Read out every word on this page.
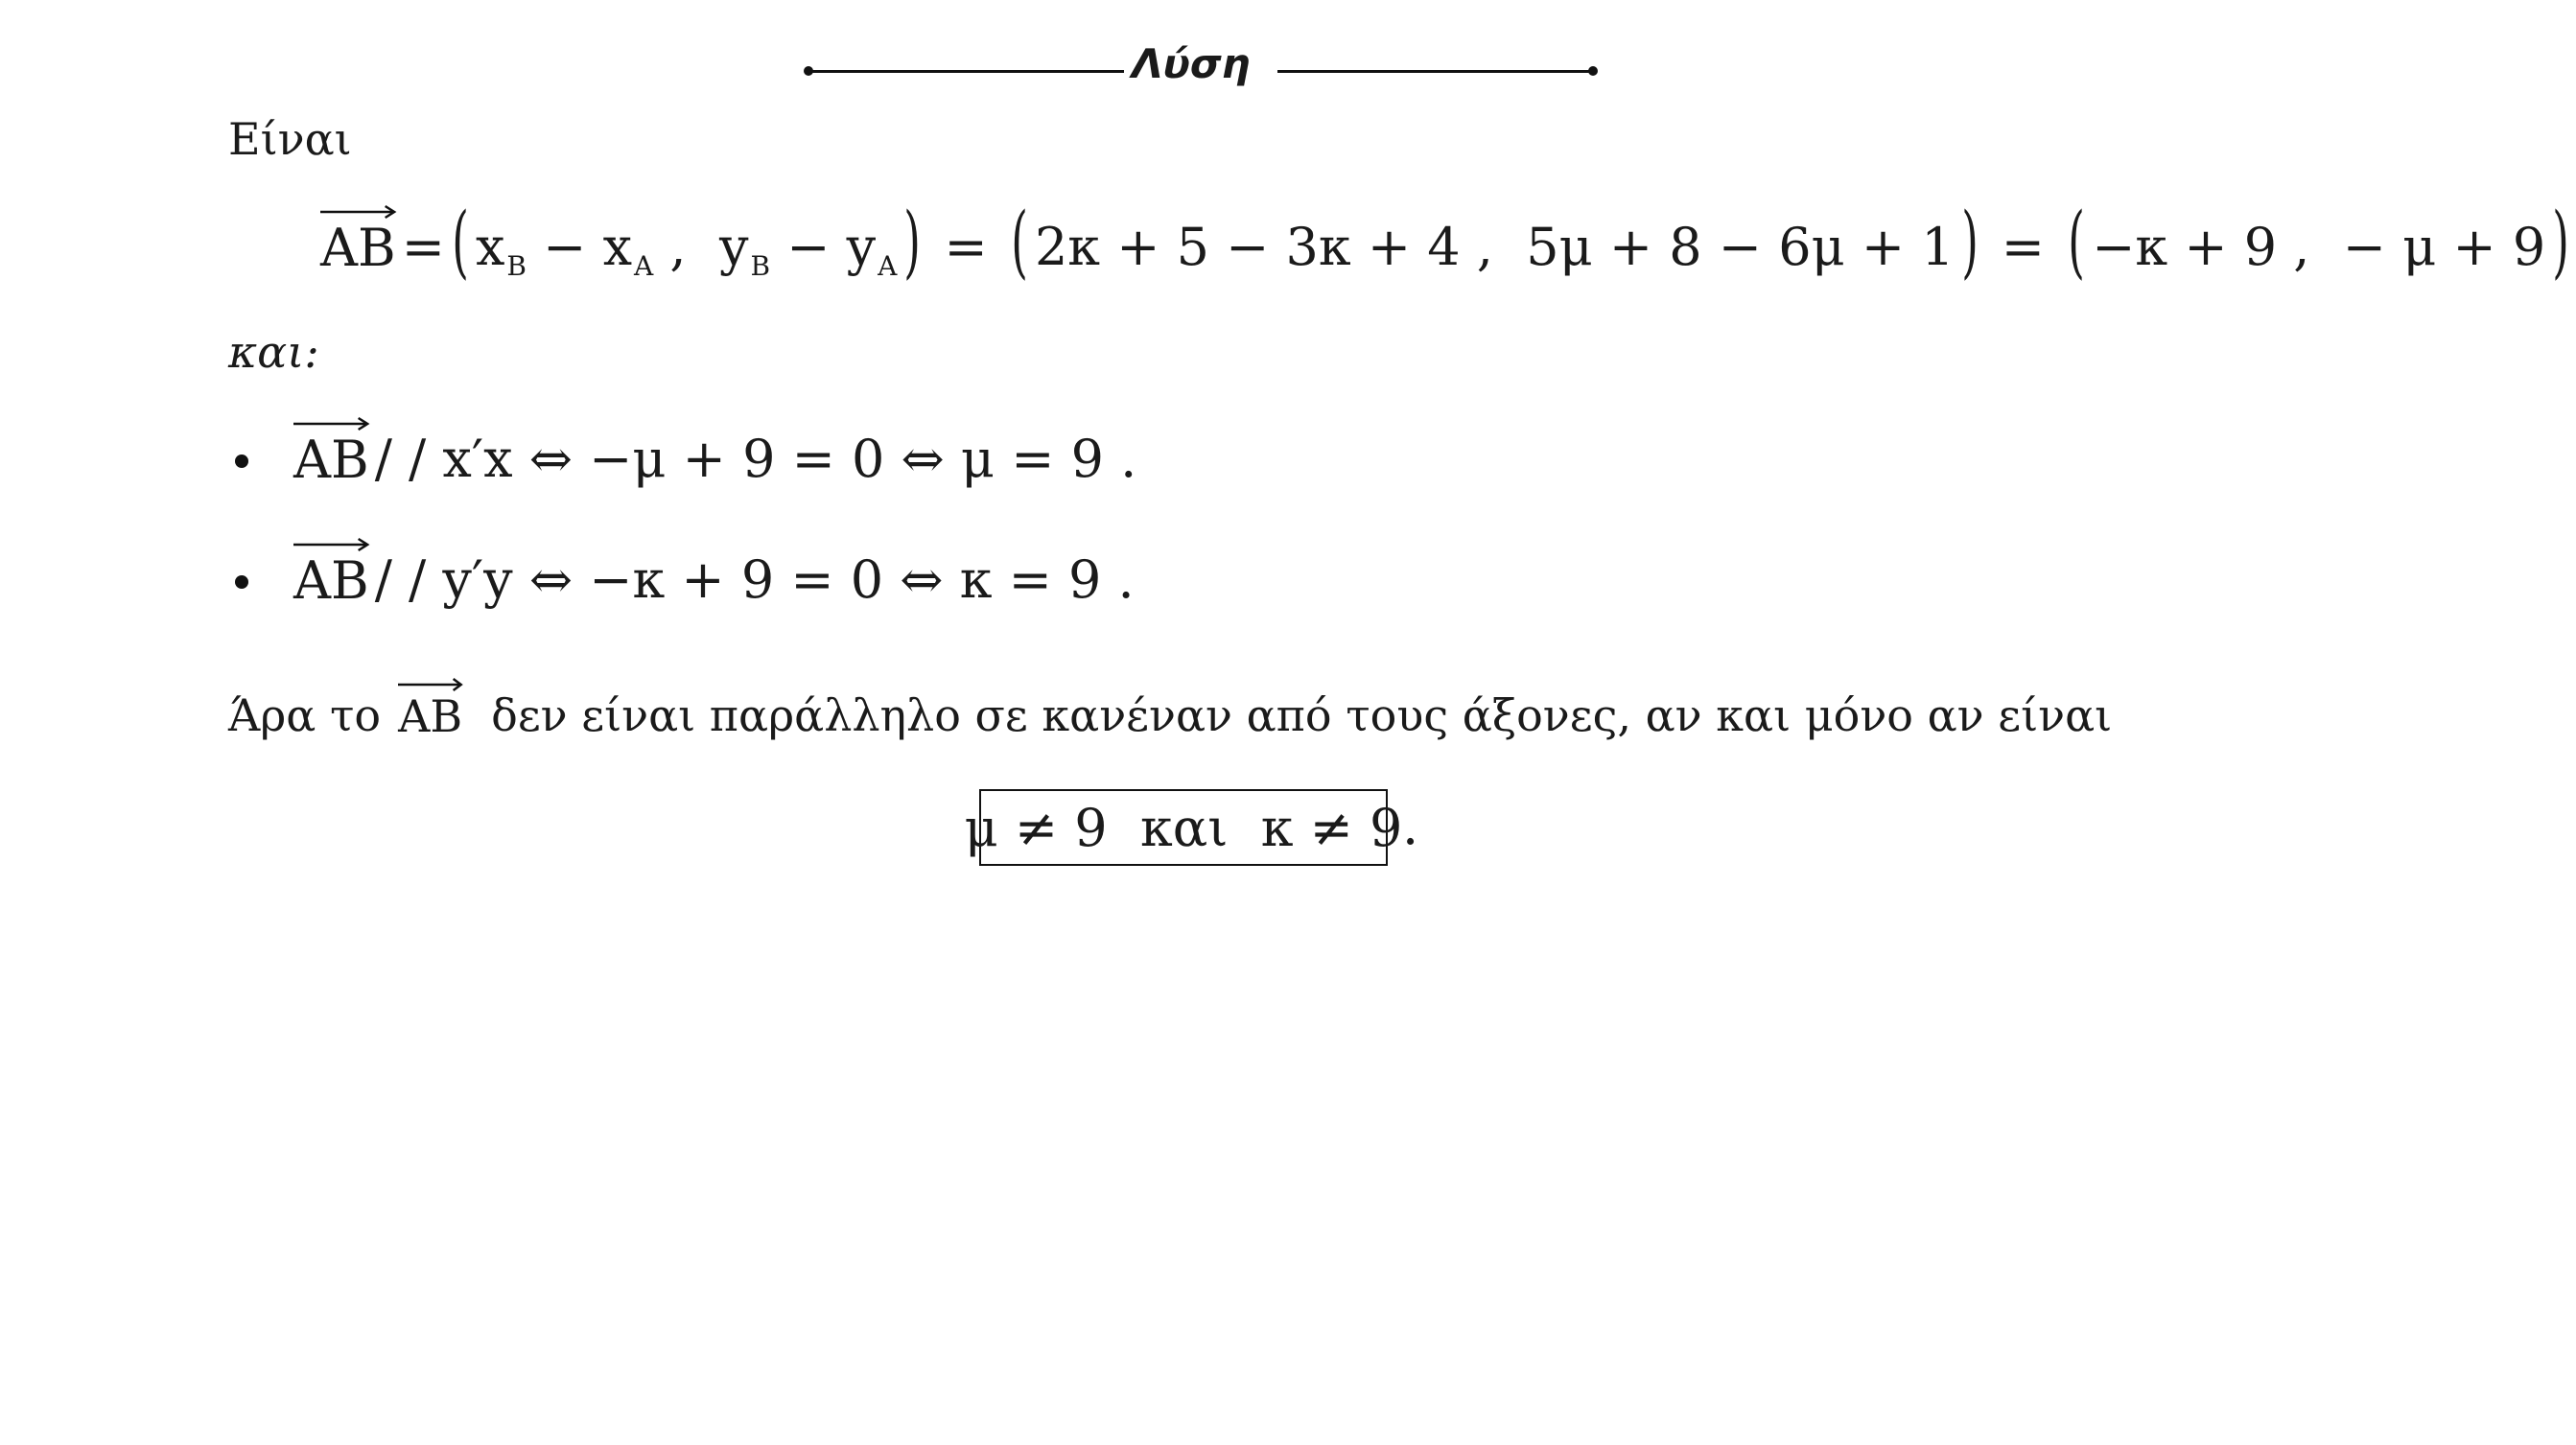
Λύση
Είναι
AB = ( x B − x A , y B − y A ) = ( 2κ + 5 − 3κ + 4 ,  5μ + 8 − 6μ + 1 ) = ( −κ + 9 ,  − μ + 9 )
και:
AB / / x′x ⇔ −μ + 9 = 0 ⇔ μ = 9 .
AB / / y′y ⇔ −κ + 9 = 0 ⇔ κ = 9 .
Άρα το AB δεν είναι παράλληλο σε κανέναν από τους άξονες, αν και μόνο αν είναι
μ ≠ 9  και  κ ≠ 9 .
